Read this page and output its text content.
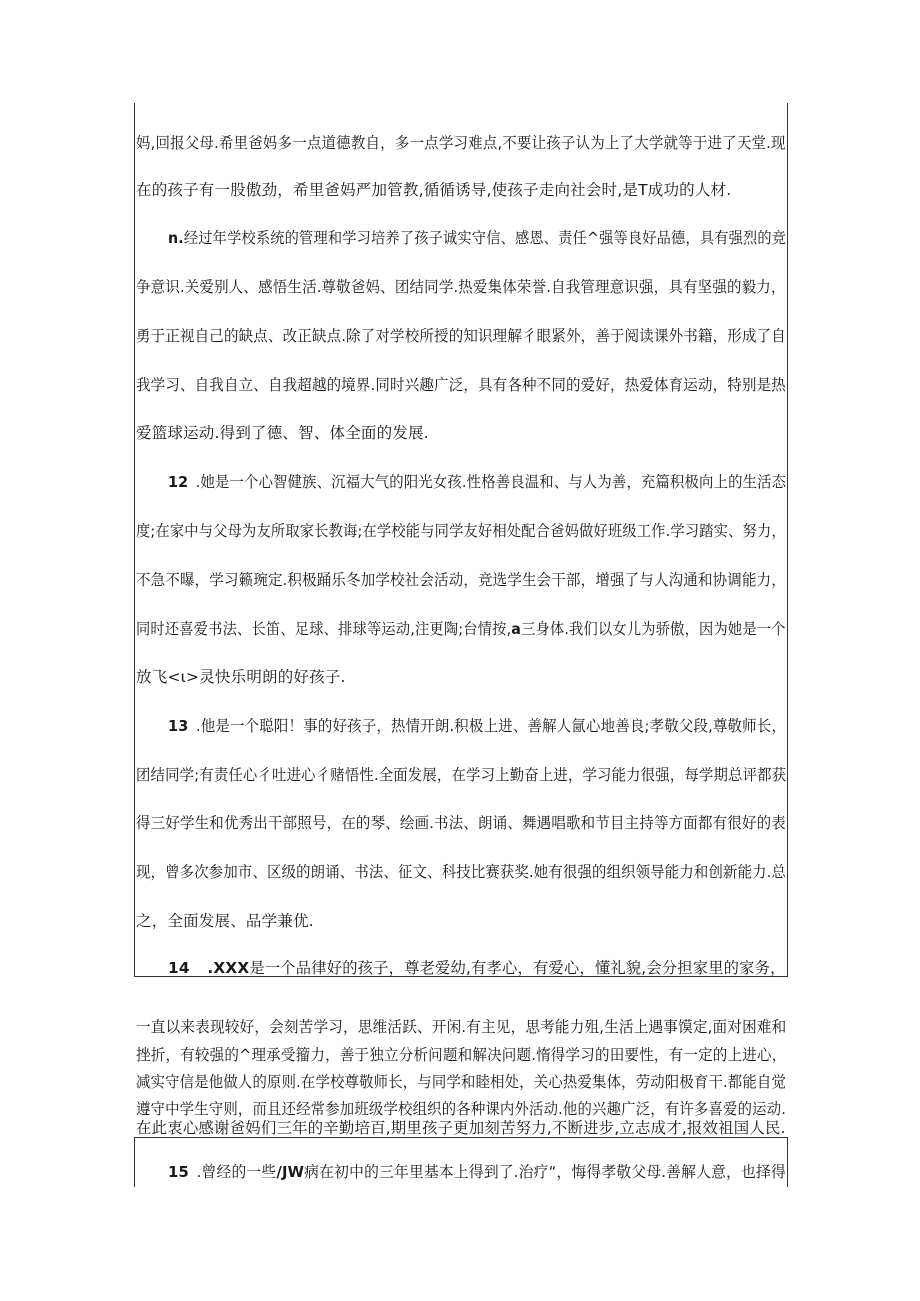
妈,回报父母.希里爸妈多一点道德教自，多一点学习难点,不要让孩子认为上了大学就等于进了天堂.现
在的孩子有一股傲劲，希里爸妈严加管教,循循诱导,使孩子走向社会时,是T成功的人材.
n.经过年学校系统的管理和学习培养了孩子诚实守信、感恩、责任^强等良好品德，具有强烈的竞
争意识.关爱别人、感悟生活.尊敬爸妈、团结同学.热爱集体荣誉.自我管理意识强，具有坚强的毅力，
勇于正视自己的缺点、改正缺点.除了对学校所授的知识理解彳眼紧外，善于阅读课外书籍，形成了自
我学习、自我自立、自我超越的境界.同时兴趣广泛，具有各种不同的爱好，热爱体育运动，特别是热
爱篮球运动.得到了德、智、体全面的发展.
12 .她是一个心智健族、沉福大气的阳光女孩.性格善良温和、与人为善，充篇积极向上的生活态
度;在家中与父母为友所取家长教诲;在学校能与同学友好相处配合爸妈做好班级工作.学习踏实、努力，
不急不曝，学习籁琬定.积极踊乐冬加学校社会活动，竞选学生会干部，增强了与人沟通和协调能力，
同时还喜爱书法、长笛、足球、排球等运动,注更陶;台情按,a三身体.我们以女儿为骄傲，因为她是一个
放飞<ι>灵快乐明朗的好孩子.
13 .他是一个聪阳！事的好孩子，热情开朗.积极上进、善解人氤心地善良;孝敬父段,尊敬师长，
团结同学;有责任心彳吐进心彳赌悟性.全面发展，在学习上勤奋上进，学习能力很强，每学期总评都获
得三好学生和优秀出干部照号，在的琴、绘画.书法、朗诵、舞遇唱歌和节目主持等方面都有很好的表
现，曾多次参加市、区级的朗诵、书法、征文、科技比赛获奖.她有很强的组织领导能力和创新能力.总
之，全面发展、品学兼优.
14 .XXX是一个品律好的孩子，尊老爱幼,有孝心，有爱心，懂礼貌,会分担家里的家务，
一直以来表现较好，会刻苦学习，思维活跃、开闲.有主见，思考能力殂,生活上遇事馍定,面对困难和
挫折，有较强的^理承受籀力，善于独立分析问题和解决问题.惰得学习的田要性，有一定的上进心，
减实守信是他做人的原则.在学校尊敬师长，与同学和睦相处，关心热爱集体，劳动阳极育干.都能自觉
遵守中学生守则，而且还经常参加班级学校组织的各种课内外活动.他的兴趣广泛，有许多喜爱的运动.
在此衷心感谢爸妈们三年的辛勤培百,期里孩子更加刻苦努力,不断进步,立志成才,报效祖国人民.
15 .曾经的一些/JW病在初中的三年里基本上得到了.治疗“，悔得孝敬父母.善解人意，也择得
